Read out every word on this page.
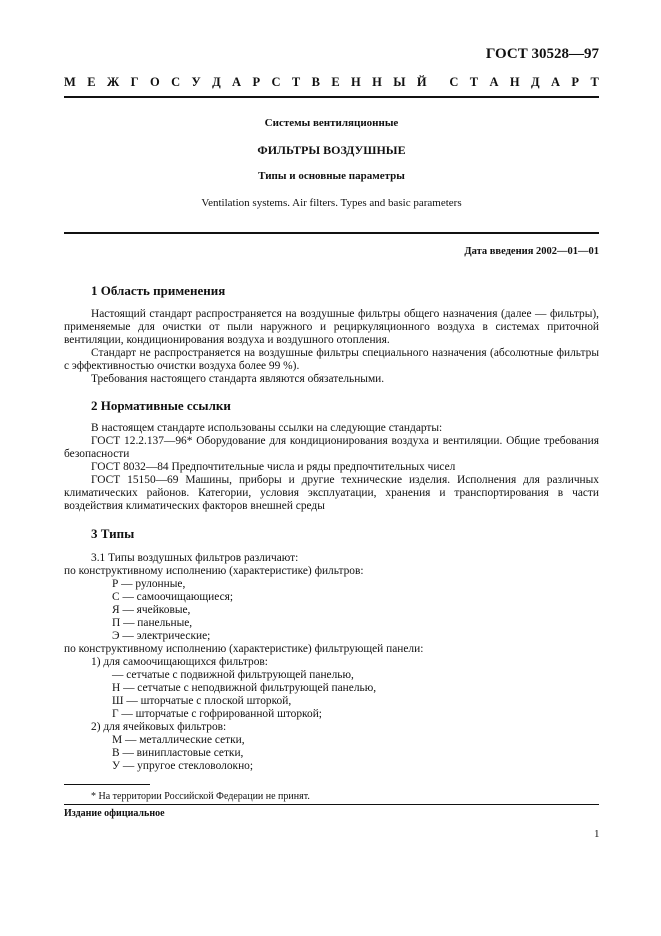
ГОСТ 30528—97
М Е Ж Г О С У Д А Р С Т В Е Н Н Ы Й С Т А Н Д А Р Т
Системы вентиляционные
ФИЛЬТРЫ ВОЗДУШНЫЕ
Типы и основные параметры
Ventilation systems. Air filters. Types and basic parameters
Дата введения 2002—01—01
1 Область применения
Настоящий стандарт распространяется на воздушные фильтры общего назначения (далее — фильтры), применяемые для очистки от пыли наружного и рециркуляционного воздуха в системах приточной вентиляции, кондиционирования воздуха и воздушного отопления.
Стандарт не распространяется на воздушные фильтры специального назначения (абсолютные фильтры с эффективностью очистки воздуха более 99 %).
Требования настоящего стандарта являются обязательными.
2 Нормативные ссылки
В настоящем стандарте использованы ссылки на следующие стандарты:
ГОСТ 12.2.137—96* Оборудование для кондиционирования воздуха и вентиляции. Общие требования безопасности
ГОСТ 8032—84 Предпочтительные числа и ряды предпочтительных чисел
ГОСТ 15150—69 Машины, приборы и другие технические изделия. Исполнения для различных климатических районов. Категории, условия эксплуатации, хранения и транспортирования в части воздействия климатических факторов внешней среды
3 Типы
3.1 Типы воздушных фильтров различают:
по конструктивному исполнению (характеристике) фильтров:
Р — рулонные,
С — самоочищающиеся;
Я — ячейковые,
П — панельные,
Э — электрические;
по конструктивному исполнению (характеристике) фильтрующей панели:
1) для самоочищающихся фильтров:
— сетчатые с подвижной фильтрующей панелью,
Н — сетчатые с неподвижной фильтрующей панелью,
Ш — шторчатые с плоской шторкой,
Г — шторчатые с гофрированной шторкой;
2) для ячейковых фильтров:
М — металлические сетки,
В — винипластовые сетки,
У — упругое стекловолокно;
* На территории Российской Федерации не принят.
Издание официальное
1
